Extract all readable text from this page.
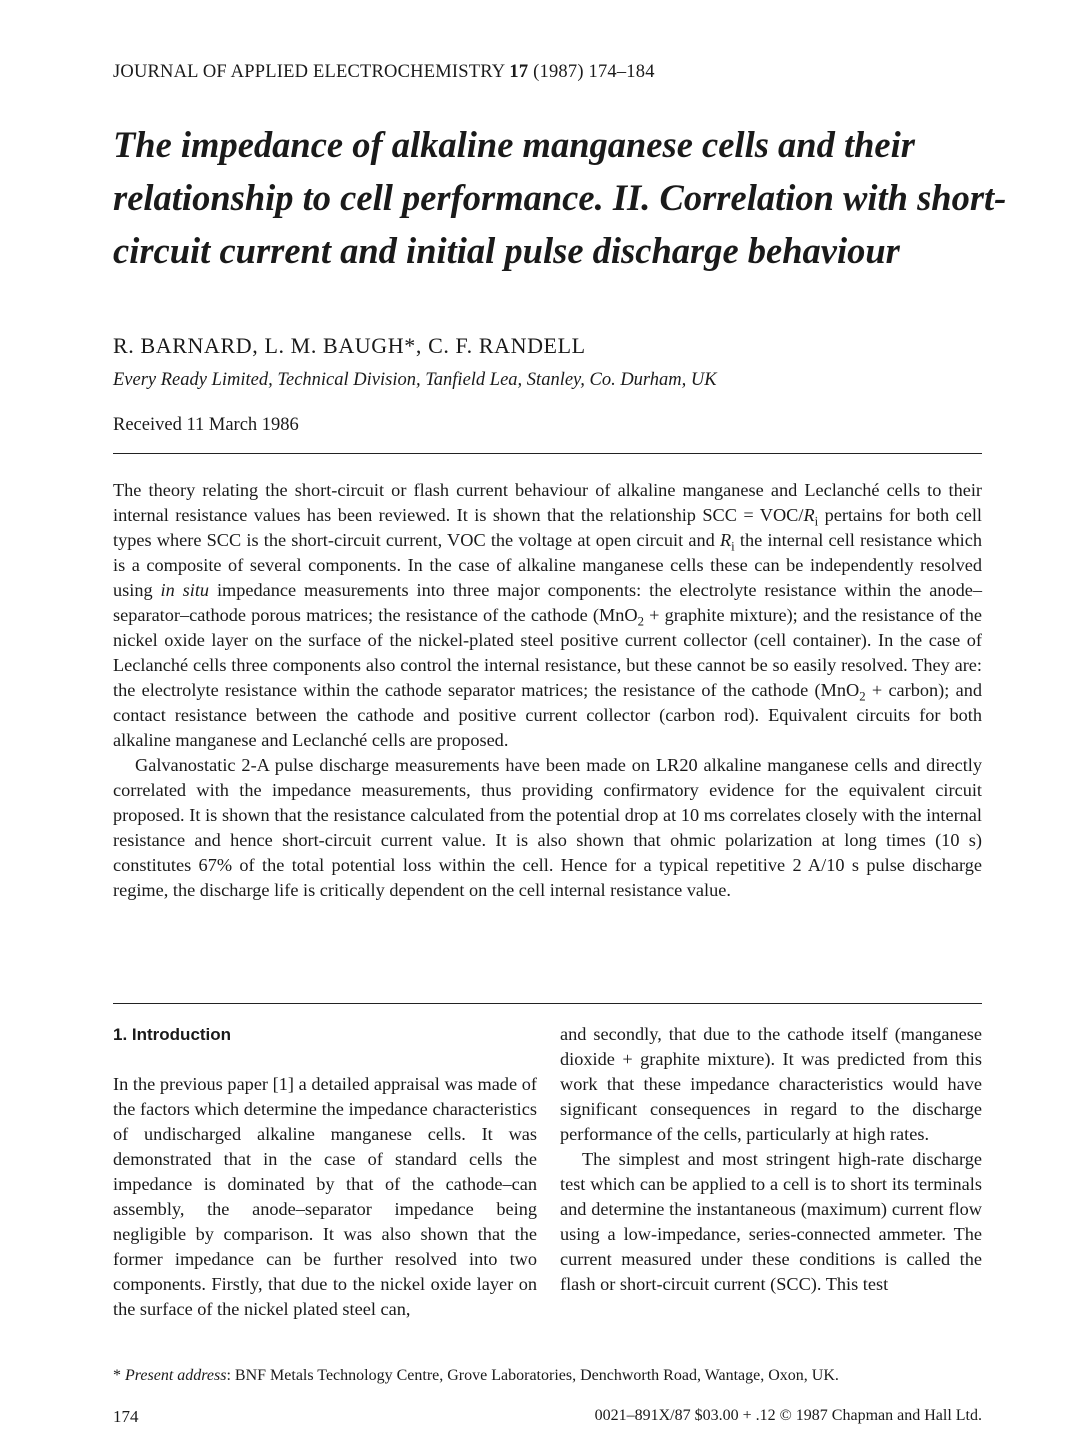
JOURNAL OF APPLIED ELECTROCHEMISTRY 17 (1987) 174–184
The impedance of alkaline manganese cells and their relationship to cell performance. II. Correlation with short-circuit current and initial pulse discharge behaviour
R. BARNARD, L. M. BAUGH*, C. F. RANDELL
Every Ready Limited, Technical Division, Tanfield Lea, Stanley, Co. Durham, UK
Received 11 March 1986

The theory relating the short-circuit or flash current behaviour of alkaline manganese and Leclanché cells to their internal resistance values has been reviewed. It is shown that the relationship SCC = VOC/$R_i$ pertains for both cell types where SCC is the short-circuit current, VOC the voltage at open circuit and $R_i$ the internal cell resistance which is a composite of several components. In the case of alkaline manganese cells these can be independently resolved using in situ impedance measurements into three major components: the electrolyte resistance within the anode–separator–cathode porous matrices; the resistance of the cathode (MnO$_2$ + graphite mixture); and the resistance of the nickel oxide layer on the surface of the nickel-plated steel positive current collector (cell container). In the case of Leclanché cells three components also control the internal resistance, but these cannot be so easily resolved. They are: the electrolyte resistance within the cathode separator matrices; the resistance of the cathode (MnO$_2$ + carbon); and contact resistance between the cathode and positive current collector (carbon rod). Equivalent circuits for both alkaline manganese and Leclanché cells are proposed.

Galvanostatic 2-A pulse discharge measurements have been made on LR20 alkaline manganese cells and directly correlated with the impedance measurements, thus providing confirmatory evidence for the equivalent circuit proposed. It is shown that the resistance calculated from the potential drop at 10 ms correlates closely with the internal resistance and hence short-circuit current value. It is also shown that ohmic polarization at long times (10 s) constitutes 67% of the total potential loss within the cell. Hence for a typical repetitive 2 A/10 s pulse discharge regime, the discharge life is critically dependent on the cell internal resistance value.

1. Introduction

In the previous paper [1] a detailed appraisal was made of the factors which determine the impedance characteristics of undischarged alkaline manganese cells. It was demonstrated that in the case of standard cells the impedance is dominated by that of the cathode–can assembly, the anode–separator impedance being negligible by comparison. It was also shown that the former impedance can be further resolved into two components. Firstly, that due to the nickel oxide layer on the surface of the nickel plated steel can,

and secondly, that due to the cathode itself (manganese dioxide + graphite mixture). It was predicted from this work that these impedance characteristics would have significant consequences in regard to the discharge performance of the cells, particularly at high rates.

The simplest and most stringent high-rate discharge test which can be applied to a cell is to short its terminals and determine the instantaneous (maximum) current flow using a low-impedance, series-connected ammeter. The current measured under these conditions is called the flash or short-circuit current (SCC). This test

* Present address: BNF Metals Technology Centre, Grove Laboratories, Denchworth Road, Wantage, Oxon, UK.
174	0021–891X/87 $03.00 + .12 © 1987 Chapman and Hall Ltd.
